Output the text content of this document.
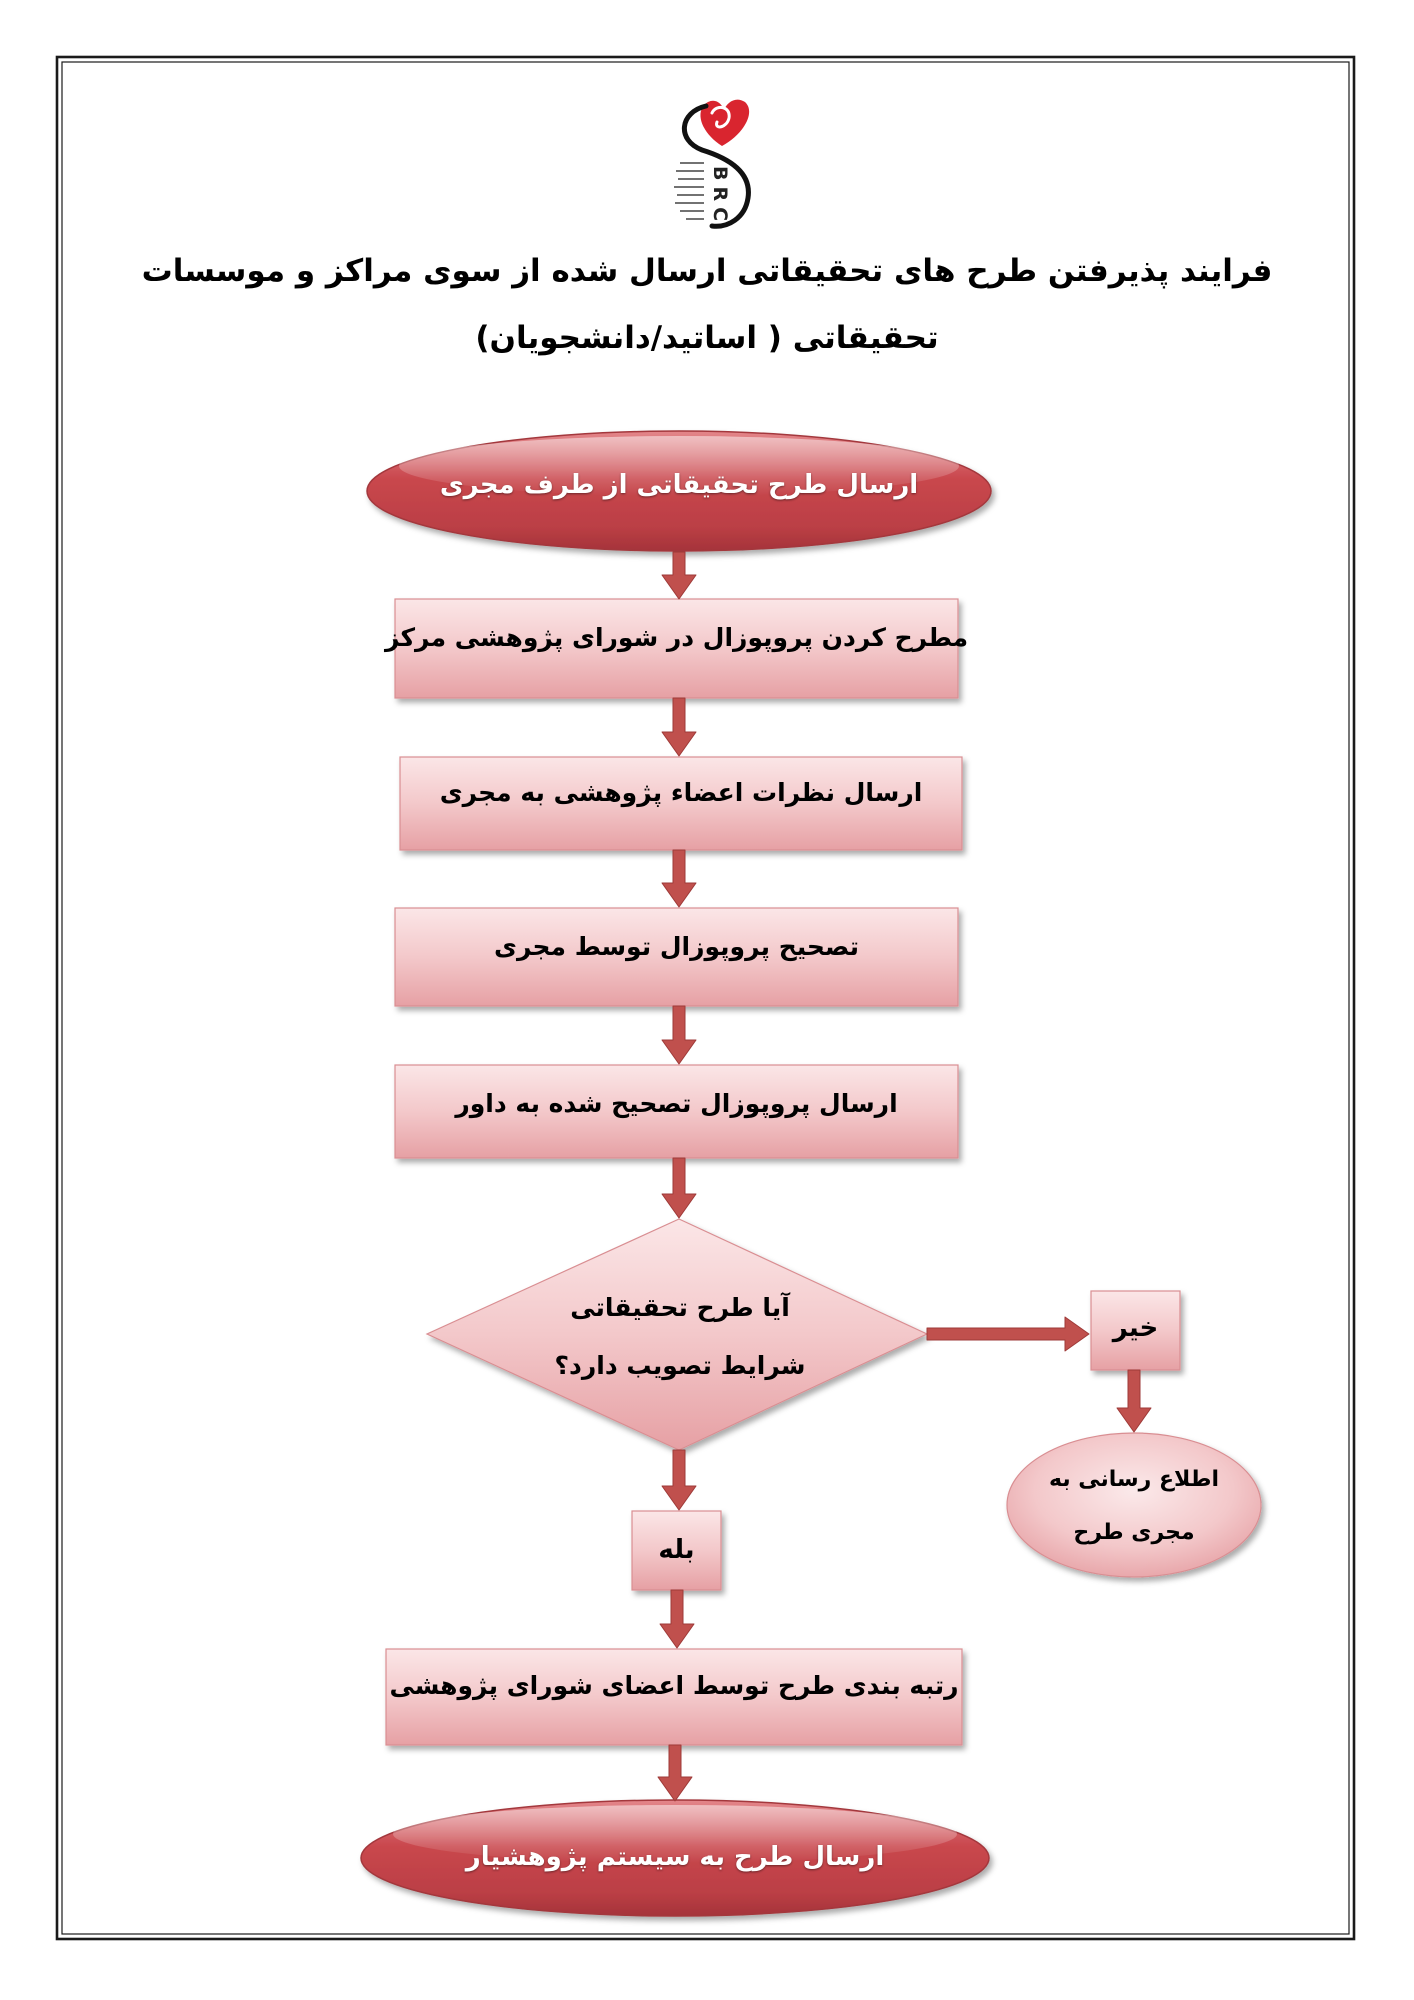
BRC
فرایند پذیرفتن طرح های تحقیقاتی ارسال شده از سوی مراکز و موسسات
تحقیقاتی ( اساتید/دانشجویان)
ارسال طرح تحقیقاتی از طرف مجری
مطرح کردن پروپوزال در شورای پژوهشی مرکز
ارسال نظرات اعضاء پژوهشی به مجری
تصحیح پروپوزال توسط مجری
ارسال پروپوزال تصحیح شده به داور
آیا طرح تحقیقاتی
شرایط تصویب دارد؟
خیر
اطلاع رسانی به
مجری طرح
بله
رتبه بندی طرح توسط اعضای شورای پژوهشی
ارسال طرح به سیستم پژوهشیار
